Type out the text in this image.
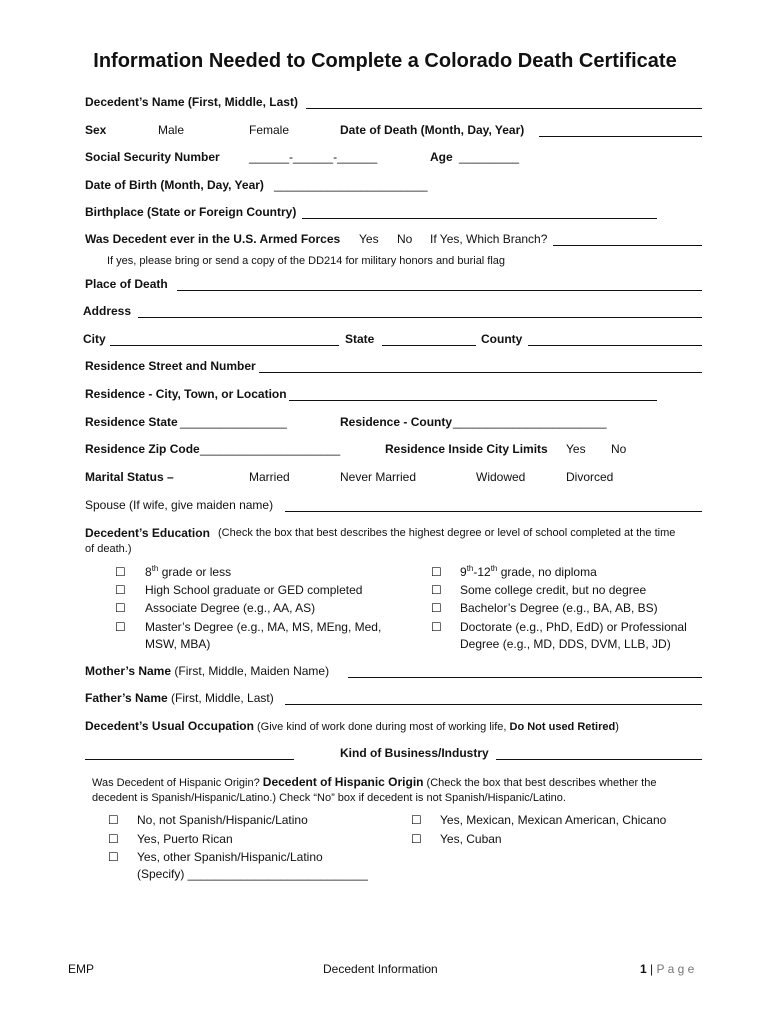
Information Needed to Complete a Colorado Death Certificate
Decedent’s Name (First, Middle, Last)
Sex	Male	Female	Date of Death (Month, Day, Year)
Social Security Number ______-______-______	Age _________
Date of Birth (Month, Day, Year) _______________________
Birthplace (State or Foreign Country)
Was Decedent ever in the U.S. Armed Forces Yes No If Yes, Which Branch?
If yes, please bring or send a copy of the DD214 for military honors and burial flag
Place of Death
Address
City	State	County
Residence Street and Number
Residence - City, Town, or Location
Residence State ________________	Residence - County _______________________
Residence Zip Code _____________________	Residence Inside City Limits Yes No
Marital Status –	Married	Never Married	Widowed	Divorced
Spouse (If wife, give maiden name)
Decedent’s Education (Check the box that best describes the highest degree or level of school completed at the time
of death.)
☐ 8th grade or less
☐ High School graduate or GED completed
☐ Associate Degree (e.g., AA, AS)
☐ Master’s Degree (e.g., MA, MS, MEng, Med,
MSW, MBA)
☐ 9th-12th grade, no diploma
☐ Some college credit, but no degree
☐ Bachelor’s Degree (e.g., BA, AB, BS)
☐ Doctorate (e.g., PhD, EdD) or Professional
Degree (e.g., MD, DDS, DVM, LLB, JD)
Mother’s Name (First, Middle, Maiden Name)
Father’s Name (First, Middle, Last)
Decedent’s Usual Occupation (Give kind of work done during most of working life, Do Not used Retired)
Kind of Business/Industry
Was Decedent of Hispanic Origin? Decedent of Hispanic Origin (Check the box that best describes whether the
decedent is Spanish/Hispanic/Latino.) Check “No” box if decedent is not Spanish/Hispanic/Latino.
☐ No, not Spanish/Hispanic/Latino
☐ Yes, Puerto Rican
☐ Yes, other Spanish/Hispanic/Latino
(Specify) ___________________________
☐ Yes, Mexican, Mexican American, Chicano
☐ Yes, Cuban
EMP	Decedent Information	1 | P a g e
